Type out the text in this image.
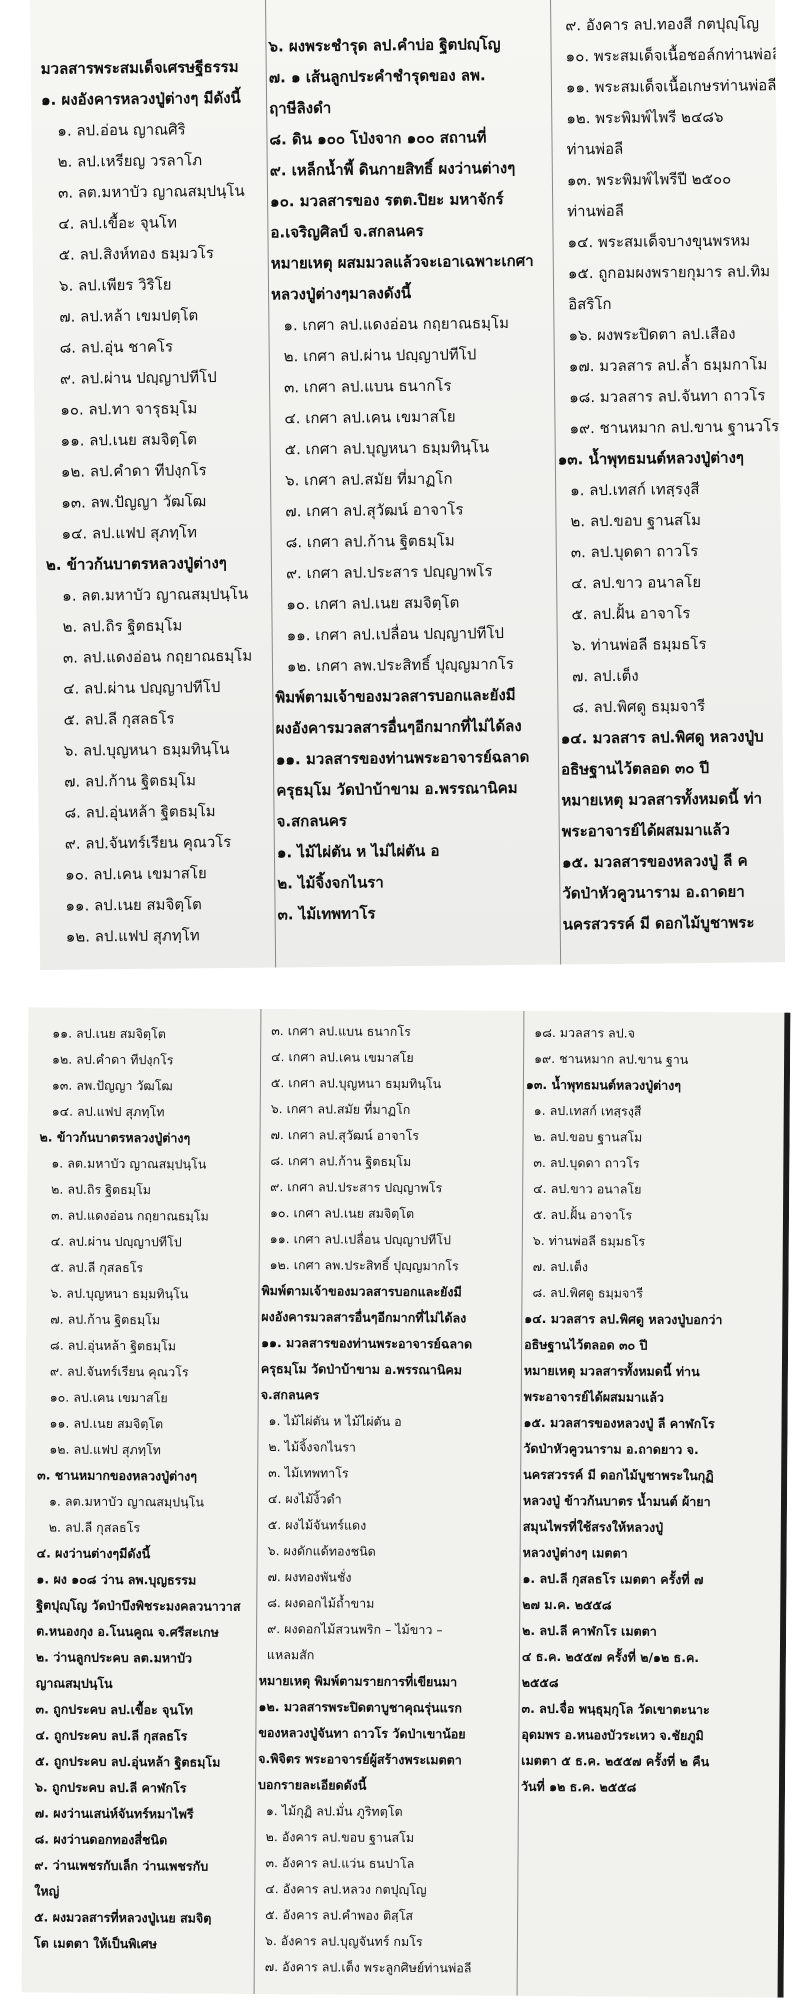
มวลสารพระสมเด็จเศรษฐีธรรม
๑. ผงอังคารหลวงปู่ต่างๆ มีดังนี้
๑. ลป.อ่อน ญาณศิริ
๒. ลป.เหรียญ วรลาโภ
๓. ลต.มหาบัว ญาณสมฺปนฺโน
๔. ลป.เขื้อะ จุนโท
๕. ลป.สิงห์ทอง ธมฺมวโร
๖. ลป.เพียร วิริโย
๗. ลป.หล้า เขมปตฺโต
๘. ลป.อุ่น ชาคโร
๙. ลป.ผ่าน ปญฺญาปทีโป
๑๐. ลป.ทา จารุธมฺโม
๑๑. ลป.เนย สมจิตฺโต
๑๒. ลป.คำดา ทีปงฺกโร
๑๓. ลพ.ปัญญา วัฒโฒ
๑๔. ลป.แฟป สุภทฺโท
๒. ข้าวก้นบาตรหลวงปู่ต่างๆ
๑. ลต.มหาบัว ญาณสมฺปนฺโน
๒. ลป.ถิร ฐิตธมฺโม
๓. ลป.แดงอ่อน กถฺยาณธมฺโม
๔. ลป.ผ่าน ปญฺญาปทีโป
๕. ลป.ลี กุสลธโร
๖. ลป.บุญหนา ธมฺมทินฺโน
๗. ลป.ก้าน ฐิตธมฺโม
๘. ลป.อุ่นหล้า ฐิตธมฺโม
๙. ลป.จันทร์เรียน คุณวโร
๑๐. ลป.เคน เขมาสโย
๑๑. ลป.เนย สมจิตฺโต
๑๒. ลป.แฟป สุภทฺโท
๖. ผงพระชำรุด ลป.คำบ่อ ฐิตปญฺโญ
๗. ๑ เส้นลูกประคำชำรุดของ ลพ.
ฤาษีลิงดำ
๘. ดิน ๑๐๐ โป่งจาก ๑๐๐ สถานที่
๙. เหล็กน้ำพี้ ดินกายสิทธิ์ ผงว่านต่างๆ
๑๐. มวลสารของ รตต.ปิยะ มหาจักร์
อ.เจริญศิลป์ จ.สกลนคร
หมายเหตุ ผสมมวลแล้วจะเอาเฉพาะเกศา
หลวงปู่ต่างๆมาลงดังนี้
๑. เกศา ลป.แดงอ่อน กถฺยาณธมฺโม
๒. เกศา ลป.ผ่าน ปญฺญาปทีโป
๓. เกศา ลป.แบน ธนากโร
๔. เกศา ลป.เคน เขมาสโย
๕. เกศา ลป.บุญหนา ธมฺมทินฺโน
๖. เกศา ลป.สมัย ที่มาฏโก
๗. เกศา ลป.สุวัฒน์ อาจาโร
๘. เกศา ลป.ก้าน ฐิตธมฺโม
๙. เกศา ลป.ประสาร ปญฺญาพโร
๑๐. เกศา ลป.เนย สมจิตฺโต
๑๑. เกศา ลป.เปลื่อน ปญฺญาปทีโป
๑๒. เกศา ลพ.ประสิทธิ์ ปุญฺญมากโร
พิมพ์ตามเจ้าของมวลสารบอกและยังมี
ผงอังคารมวลสารอื่นๆอีกมากที่ไม่ได้ลง
๑๑. มวลสารของท่านพระอาจารย์ฉลาด
ครุธมฺโม วัดป่าบ้าขาม อ.พรรณานิคม
จ.สกลนคร
๑. ไม้ไผ่ตัน ห ไม่ไผ่ตัน อ
๒. ไม้จิ้งจกไนรา
๓. ไม้เทพทาโร
๙. อังคาร ลป.ทองสี กตปุญฺโญ
๑๐. พระสมเด็จเนื้อชอล์กท่านพ่อลี
๑๑. พระสมเด็จเนื้อเกษรท่านพ่อลี
๑๒. พระพิมพ์ไพรี ๒๔๘๖
ท่านพ่อลี
๑๓. พระพิมพ์ไพรีปี ๒๕๐๐
ท่านพ่อลี
๑๔. พระสมเด็จบางขุนพรหม
๑๕. ถูกอมผงพรายกุมาร ลป.ทิม
อิสริโก
๑๖. ผงพระปิดตา ลป.เสือง
๑๗. มวลสาร ลป.ล้ำ ธมฺมกาโม
๑๘. มวลสาร ลป.จันทา ถาวโร
๑๙. ชานหมาก ลป.ขาน ฐานวโร
๑๓. น้ำพุทธมนต์หลวงปู่ต่างๆ
๑. ลป.เทสก์ เทสฺรงฺสี
๒. ลป.ขอบ ฐานสโม
๓. ลป.บุดดา ถาวโร
๔. ลป.ขาว อนาลโย
๕. ลป.ฝั้น อาจาโร
๖. ท่านพ่อลี ธมฺมธโร
๗. ลป.เต็ง
๘. ลป.พิศดู ธมฺมจารี
๑๔. มวลสาร ลป.พิศดู หลวงปู่บ
อธิษฐานไว้ตลอด ๓๐ ปี
หมายเหตุ มวลสารทั้งหมดนี้ ท่า
พระอาจารย์ได้ผสมมาแล้ว
๑๕. มวลสารของหลวงปู่ ลี ค
วัดป่าหัวคูวนาราม อ.ถาดยา
นครสวรรค์ มี ดอกไม้บูชาพระ
๑๑. ลป.เนย สมจิตฺโต
๑๒. ลป.คำดา ทีปงฺกโร
๑๓. ลพ.ปัญญา วัฒโฒ
๑๔. ลป.แฟป สุภทฺโท
๒. ข้าวก้นบาตรหลวงปู่ต่างๆ
๑. ลต.มหาบัว ญาณสมฺปนฺโน
๒. ลป.ถิร ฐิตธมฺโม
๓. ลป.แดงอ่อน กถฺยาณธมฺโม
๔. ลป.ผ่าน ปญฺญาปทีโป
๕. ลป.ลี กุสลธโร
๖. ลป.บุญหนา ธมฺมทินฺโน
๗. ลป.ก้าน ฐิตธมฺโม
๘. ลป.อุ่นหล้า ฐิตธมฺโม
๙. ลป.จันทร์เรียน คุณวโร
๑๐. ลป.เคน เขมาสโย
๑๑. ลป.เนย สมจิตฺโต
๑๒. ลป.แฟป สุภทฺโท
๓. ชานหมากของหลวงปู่ต่างๆ
๑. ลต.มหาบัว ญาณสมฺปนฺโน
๒. ลป.ลี กุสลธโร
๔. ผงว่านต่างๆมีดังนี้
๑. ผง ๑๐๘ ว่าน ลพ.บุญธรรม
ฐิตปุญฺโญ วัดป่าบึงพิชระมงคลวนาวาส
ต.หนองกุง อ.โนนคูณ จ.ศรีสะเกษ
๒. ว่านลูกประคบ ลต.มหาบัว
ญาณสมฺปนฺโน
๓. ถูกประคบ ลป.เขื้อะ จุนโท
๔. ถูกประคบ ลป.ลี กุสลธโร
๕. ถูกประคบ ลป.อุ่นหล้า ฐิตธมฺโม
๖. ถูกประคบ ลป.ลี คาฬกโร
๗. ผงว่านเสน่ห์จันทร์หมาไพรี
๘. ผงว่านดอกทองสี่ชนิด
๙. ว่านเพชรกับเล็ก ว่านเพชรกับ
ใหญ่
๕. ผงมวลสารที่หลวงปู่เนย สมจิตฺ
โต เมตตา ให้เป็นพิเศษ
๓. เกศา ลป.แบน ธนากโร
๔. เกศา ลป.เคน เขมาสโย
๕. เกศา ลป.บุญหนา ธมฺมทินฺโน
๖. เกศา ลป.สมัย ที่มาฏโก
๗. เกศา ลป.สุวัฒน์ อาจาโร
๘. เกศา ลป.ก้าน ฐิตธมฺโม
๙. เกศา ลป.ประสาร ปญฺญาพโร
๑๐. เกศา ลป.เนย สมจิตฺโต
๑๑. เกศา ลป.เปลื่อน ปญฺญาปทีโป
๑๒. เกศา ลพ.ประสิทธิ์ ปุญฺญมากโร
พิมพ์ตามเจ้าของมวลสารบอกและยังมี
ผงอังคารมวลสารอื่นๆอีกมากที่ไม่ได้ลง
๑๑. มวลสารของท่านพระอาจารย์ฉลาด
ครุธมฺโม วัดป่าบ้าขาม อ.พรรณานิคม
จ.สกลนคร
๑. ไม้ไผ่ตัน ห ไม้ไผ่ตัน อ
๒. ไม้จิ้งจกไนรา
๓. ไม้เทพทาโร
๔. ผงไม้งิ้วดำ
๕. ผงไม้จันทร์แดง
๖. ผงดักแด้ทองชนิด
๗. ผงทองพันชั่ง
๘. ผงดอกไม้ถ้ำขาม
๙. ผงดอกไม้สวนพริก – ไม้ขาว –
แหลมสัก
หมายเหตุ พิมพ์ตามรายการที่เขียนมา
๑๒. มวลสารพระปิดตาบูชาคุณรุ่นแรก
ของหลวงปู่จันทา ถาวโร วัดป่าเขาน้อย
จ.พิจิตร พระอาจารย์ผู้สร้างพระเมตตา
บอกรายละเอียดดังนี้
๑. ไม้กุฏิ ลป.มั่น ภูริทตฺโต
๒. อังคาร ลป.ขอบ ฐานสโม
๓. อังคาร ลป.แว่น ธนปาโล
๔. อังคาร ลป.หลวง กตปุญฺโญ
๕. อังคาร ลป.คำพอง ติสฺโส
๖. อังคาร ลป.บุญจันทร์ กมโร
๗. อังคาร ลป.เต็ง พระลูกศิษย์ท่านพ่อลี
๑๘. มวลสาร ลป.จ
๑๙. ชานหมาก ลป.ขาน ฐาน
๑๓. น้ำพุทธมนต์หลวงปู่ต่างๆ
๑. ลป.เทสก์ เทสฺรงฺสี
๒. ลป.ขอบ ฐานสโม
๓. ลป.บุดดา ถาวโร
๔. ลป.ขาว อนาลโย
๕. ลป.ฝั้น อาจาโร
๖. ท่านพ่อลี ธมฺมธโร
๗. ลป.เต็ง
๘. ลป.พิศดู ธมฺมจารี
๑๔. มวลสาร ลป.พิศดู หลวงปู่บอกว่า
อธิษฐานไว้ตลอด ๓๐ ปี
หมายเหตุ มวลสารทั้งหมดนี้ ท่าน
พระอาจารย์ได้ผสมมาแล้ว
๑๕. มวลสารของหลวงปู่ ลี คาฬกโร
วัดป่าหัวคูวนาราม อ.ถาดยาว จ.
นครสวรรค์ มี ดอกไม้บูชาพระในกุฏิ
หลวงปู่ ข้าวก้นบาตร น้ำมนต์ ผ้ายา
สมุนไพรที่ใช้สรงให้หลวงปู่
หลวงปู่ต่างๆ เมตตา
๑. ลป.ลี กุสลธโร เมตตา ครั้งที่ ๗
๒๗ ม.ค. ๒๕๕๘
๒. ลป.ลี คาฬกโร เมตตา
๔ ธ.ค. ๒๕๕๗ ครั้งที่ ๒/๑๒ ธ.ค.
๒๕๕๘
๓. ลป.จื่อ พนฺธุมฺกุโล วัดเขาตะนาะ
อุดมพร อ.หนองบัวระเหว จ.ชัยภูมิ
เมตตา ๕ ธ.ค. ๒๕๕๗ ครั้งที่ ๒ คืน
วันที่ ๑๒ ธ.ค. ๒๕๕๘
